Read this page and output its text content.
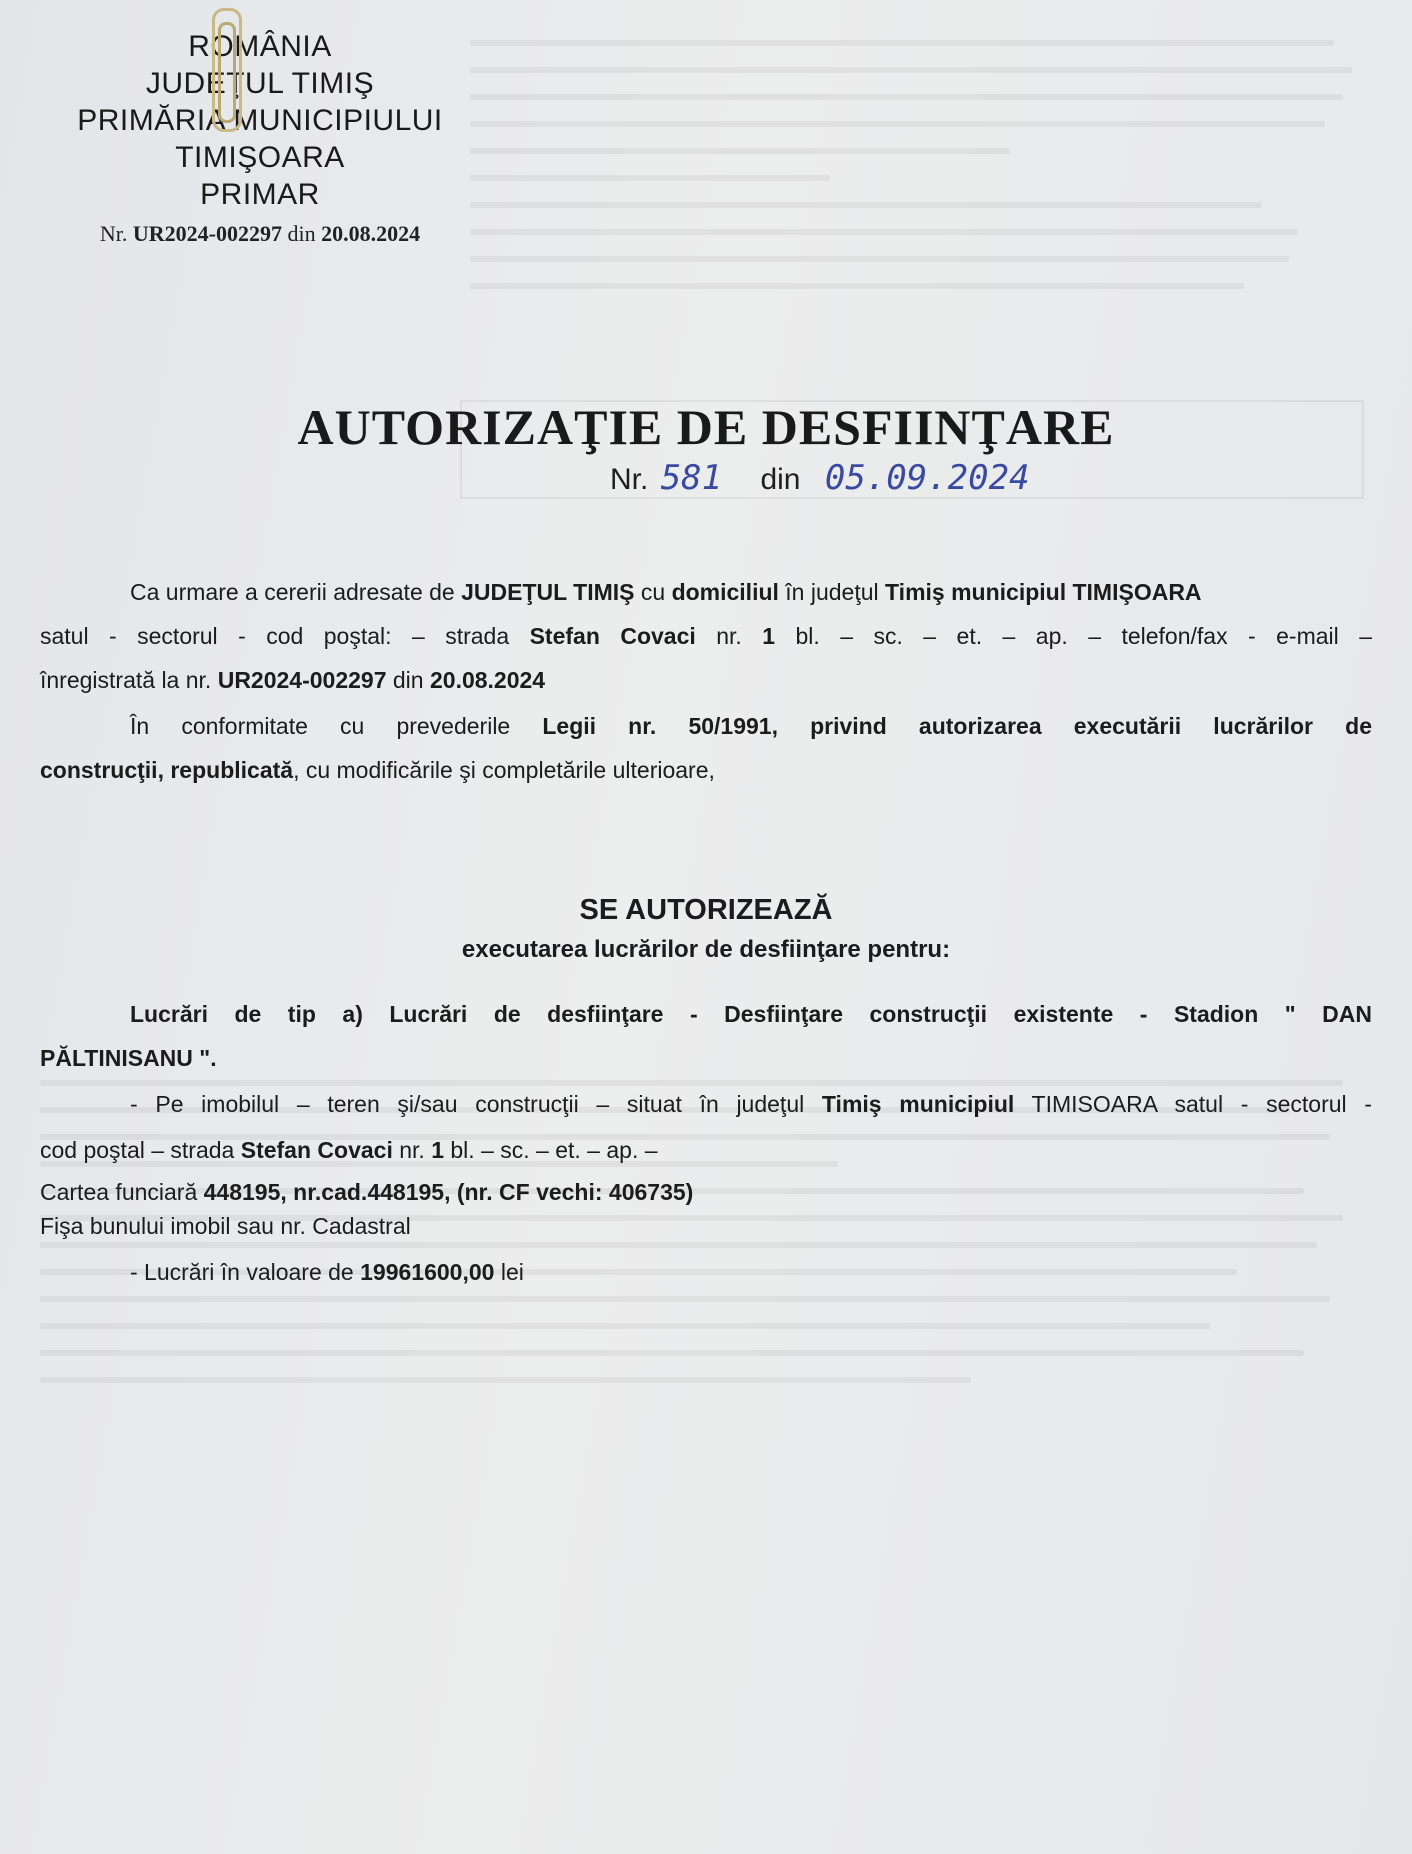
ROMÂNIA
JUDEŢUL TIMIŞ
PRIMĂRIA MUNICIPIULUI
TIMIŞOARA
PRIMAR
Nr. UR2024-002297 din 20.08.2024
AUTORIZAŢIE DE DESFIINŢARE
Nr. 581 din 05.09.2024
Ca urmare a cererii adresate de JUDEŢUL TIMIŞ cu domiciliul în judeţul Timiş municipiul TIMIŞOARA
satul - sectorul - cod poştal: – strada Stefan Covaci nr. 1 bl. – sc. – et. – ap. – telefon/fax - e-mail –
înregistrată la nr. UR2024-002297 din 20.08.2024
În conformitate cu prevederile Legii nr. 50/1991, privind autorizarea executării lucrărilor de
construcţii, republicată, cu modificările şi completările ulterioare,
SE AUTORIZEAZĂ
executarea lucrărilor de desfiinţare pentru:
Lucrări de tip a) Lucrări de desfiinţare - Desfiinţare construcţii existente - Stadion " DAN
PĂLTINISANU ".
- Pe imobilul – teren şi/sau construcţii – situat în judeţul Timiş municipiul TIMISOARA satul - sectorul -
cod poştal – strada Stefan Covaci nr. 1 bl. – sc. – et. – ap. –
Cartea funciară 448195, nr.cad.448195, (nr. CF vechi: 406735)
Fişa bunului imobil sau nr. Cadastral
- Lucrări în valoare de 19961600,00 lei
